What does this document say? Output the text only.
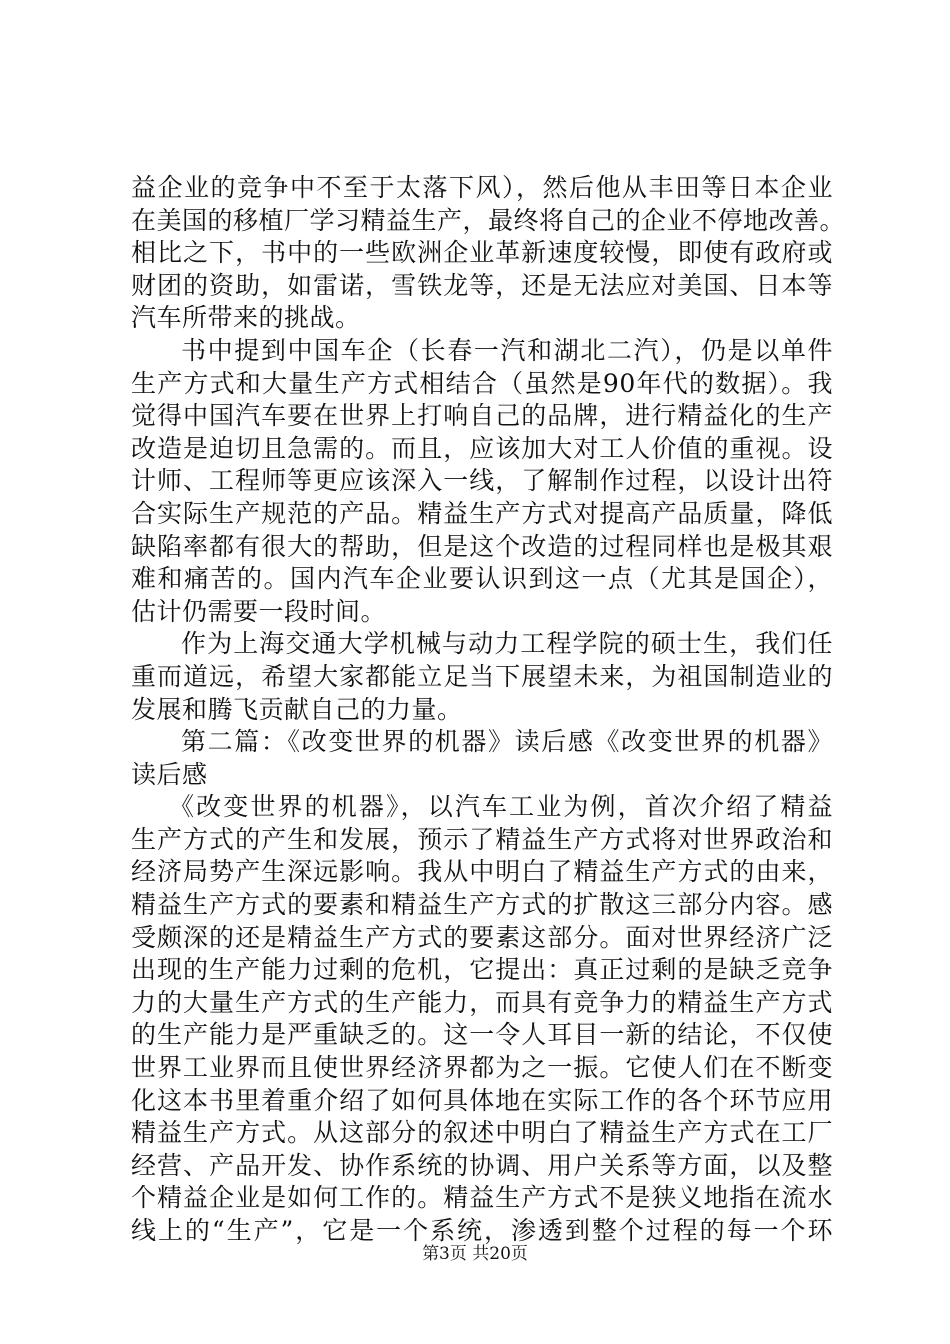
益企业的竞争中不至于太落下风），然后他从丰田等日本企业
在美国的移植厂学习精益生产，最终将自己的企业不停地改善。
相比之下，书中的一些欧洲企业革新速度较慢，即使有政府或
财团的资助，如雷诺，雪铁龙等，还是无法应对美国、日本等
汽车所带来的挑战。
书中提到中国车企（长春一汽和湖北二汽），仍是以单件
生产方式和大量生产方式相结合（虽然是90年代的数据）。我
觉得中国汽车要在世界上打响自己的品牌，进行精益化的生产
改造是迫切且急需的。而且，应该加大对工人价值的重视。设
计师、工程师等更应该深入一线，了解制作过程，以设计出符
合实际生产规范的产品。精益生产方式对提高产品质量，降低
缺陷率都有很大的帮助，但是这个改造的过程同样也是极其艰
难和痛苦的。国内汽车企业要认识到这一点（尤其是国企），
估计仍需要一段时间。
作为上海交通大学机械与动力工程学院的硕士生，我们任
重而道远，希望大家都能立足当下展望未来，为祖国制造业的
发展和腾飞贡献自己的力量。
第二篇：《改变世界的机器》读后感《改变世界的机器》
读后感
《改变世界的机器》，以汽车工业为例，首次介绍了精益
生产方式的产生和发展，预示了精益生产方式将对世界政治和
经济局势产生深远影响。我从中明白了精益生产方式的由来，
精益生产方式的要素和精益生产方式的扩散这三部分内容。感
受颇深的还是精益生产方式的要素这部分。面对世界经济广泛
出现的生产能力过剩的危机，它提出：真正过剩的是缺乏竞争
力的大量生产方式的生产能力，而具有竞争力的精益生产方式
的生产能力是严重缺乏的。这一令人耳目一新的结论，不仅使
世界工业界而且使世界经济界都为之一振。它使人们在不断变
化这本书里着重介绍了如何具体地在实际工作的各个环节应用
精益生产方式。从这部分的叙述中明白了精益生产方式在工厂
经营、产品开发、协作系统的协调、用户关系等方面，以及整
个精益企业是如何工作的。精益生产方式不是狭义地指在流水
线上的“生产”，它是一个系统，渗透到整个过程的每一个环
第3页 共20页
